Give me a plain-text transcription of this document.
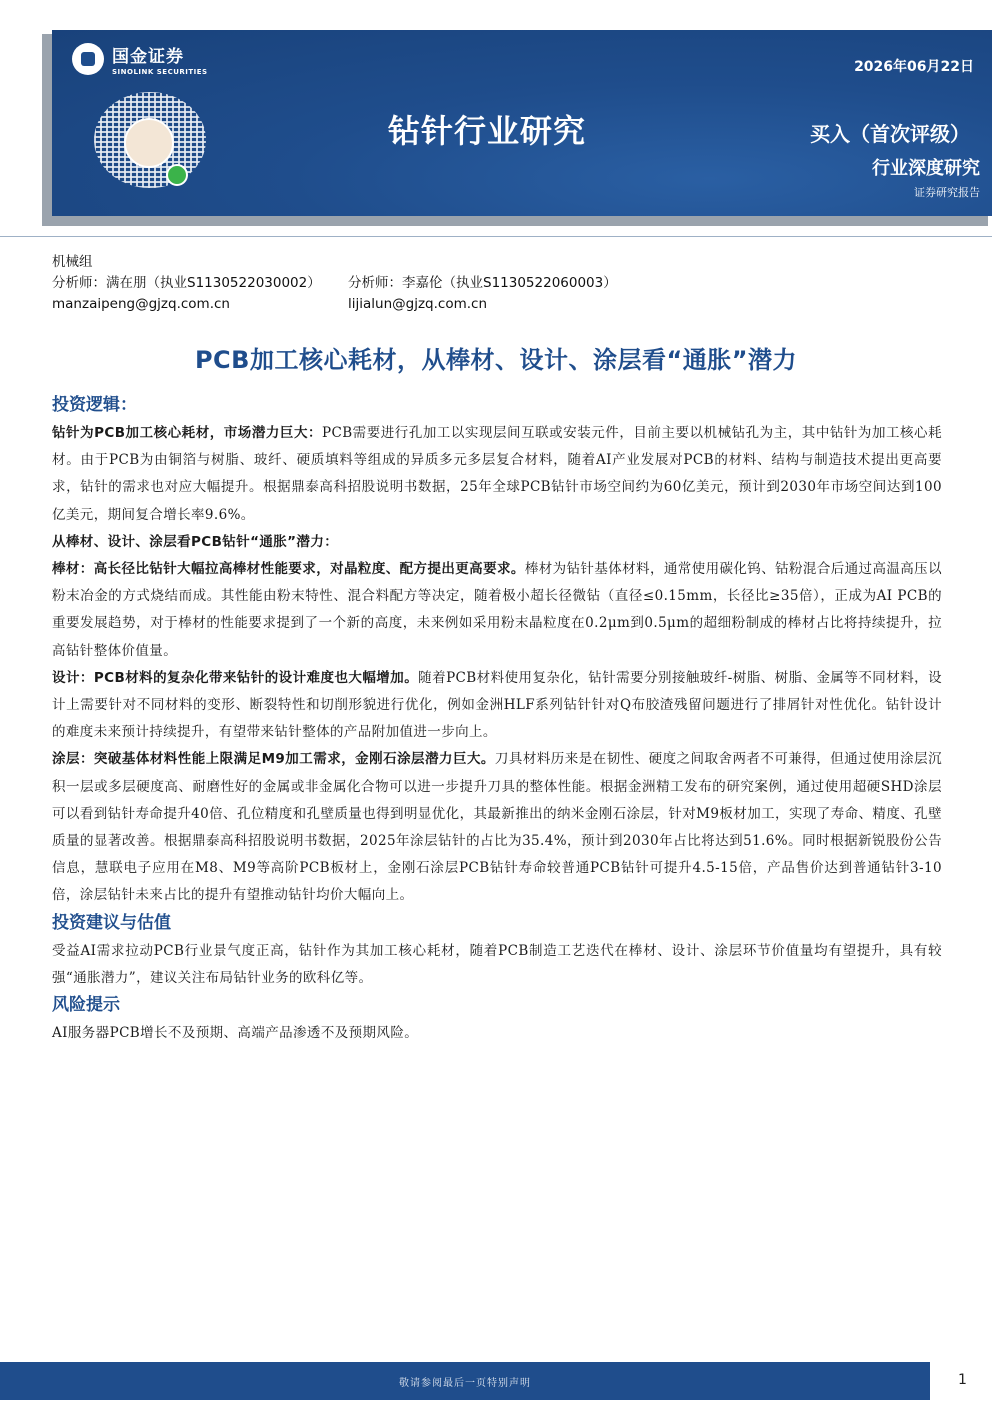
国金证券
SINOLINK SECURITIES	2026年06月22日
钻针行业研究	买入（首次评级）
行业深度研究
证券研究报告
机械组
分析师：满在朋（执业S1130522030002）	分析师：李嘉伦（执业S1130522060003）
manzaipeng@gjzq.com.cn	lijialun@gjzq.com.cn
PCB加工核心耗材，从棒材、设计、涂层看“通胀”潜力
投资逻辑：

钻针为PCB加工核心耗材，市场潜力巨大：PCB需要进行孔加工以实现层间互联或安装元件，目前主要以机械钻孔为主，其中钻针为加工核心耗材。由于PCB为由铜箔与树脂、玻纤、硬质填料等组成的异质多元多层复合材料，随着AI产业发展对PCB的材料、结构与制造技术提出更高要求，钻针的需求也对应大幅提升。根据鼎泰高科招股说明书数据，25年全球PCB钻针市场空间约为60亿美元，预计到2030年市场空间达到100亿美元，期间复合增长率9.6%。

从棒材、设计、涂层看PCB钻针“通胀”潜力：

棒材：高长径比钻针大幅拉高棒材性能要求，对晶粒度、配方提出更高要求。棒材为钻针基体材料，通常使用碳化钨、钴粉混合后通过高温高压以粉末冶金的方式烧结而成。其性能由粉末特性、混合料配方等决定，随着极小超长径微钻（直径≤0.15mm，长径比≥35倍），正成为AI PCB的重要发展趋势，对于棒材的性能要求提到了一个新的高度，未来例如采用粉末晶粒度在0.2μm到0.5μm的超细粉制成的棒材占比将持续提升，拉高钻针整体价值量。

设计：PCB材料的复杂化带来钻针的设计难度也大幅增加。随着PCB材料使用复杂化，钻针需要分别接触玻纤-树脂、树脂、金属等不同材料，设计上需要针对不同材料的变形、断裂特性和切削形貌进行优化，例如金洲HLF系列钻针针对Q布胶渣残留问题进行了排屑针对性优化。钻针设计的难度未来预计持续提升，有望带来钻针整体的产品附加值进一步向上。

涂层：突破基体材料性能上限满足M9加工需求，金刚石涂层潜力巨大。刀具材料历来是在韧性、硬度之间取舍两者不可兼得，但通过使用涂层沉积一层或多层硬度高、耐磨性好的金属或非金属化合物可以进一步提升刀具的整体性能。根据金洲精工发布的研究案例，通过使用超硬SHD涂层可以看到钻针寿命提升40倍、孔位精度和孔壁质量也得到明显优化，其最新推出的纳米金刚石涂层，针对M9板材加工，实现了寿命、精度、孔壁质量的显著改善。根据鼎泰高科招股说明书数据，2025年涂层钻针的占比为35.4%，预计到2030年占比将达到51.6%。同时根据新锐股份公告信息，慧联电子应用在M8、M9等高阶PCB板材上，金刚石涂层PCB钻针寿命较普通PCB钻针可提升4.5-15倍，产品售价达到普通钻针3-10倍，涂层钻针未来占比的提升有望推动钻针均价大幅向上。

投资建议与估值

受益AI需求拉动PCB行业景气度正高，钻针作为其加工核心耗材，随着PCB制造工艺迭代在棒材、设计、涂层环节价值量均有望提升，具有较强“通胀潜力”，建议关注布局钻针业务的欧科亿等。

风险提示

AI服务器PCB增长不及预期、高端产品渗透不及预期风险。

敬请参阅最后一页特别声明	1
